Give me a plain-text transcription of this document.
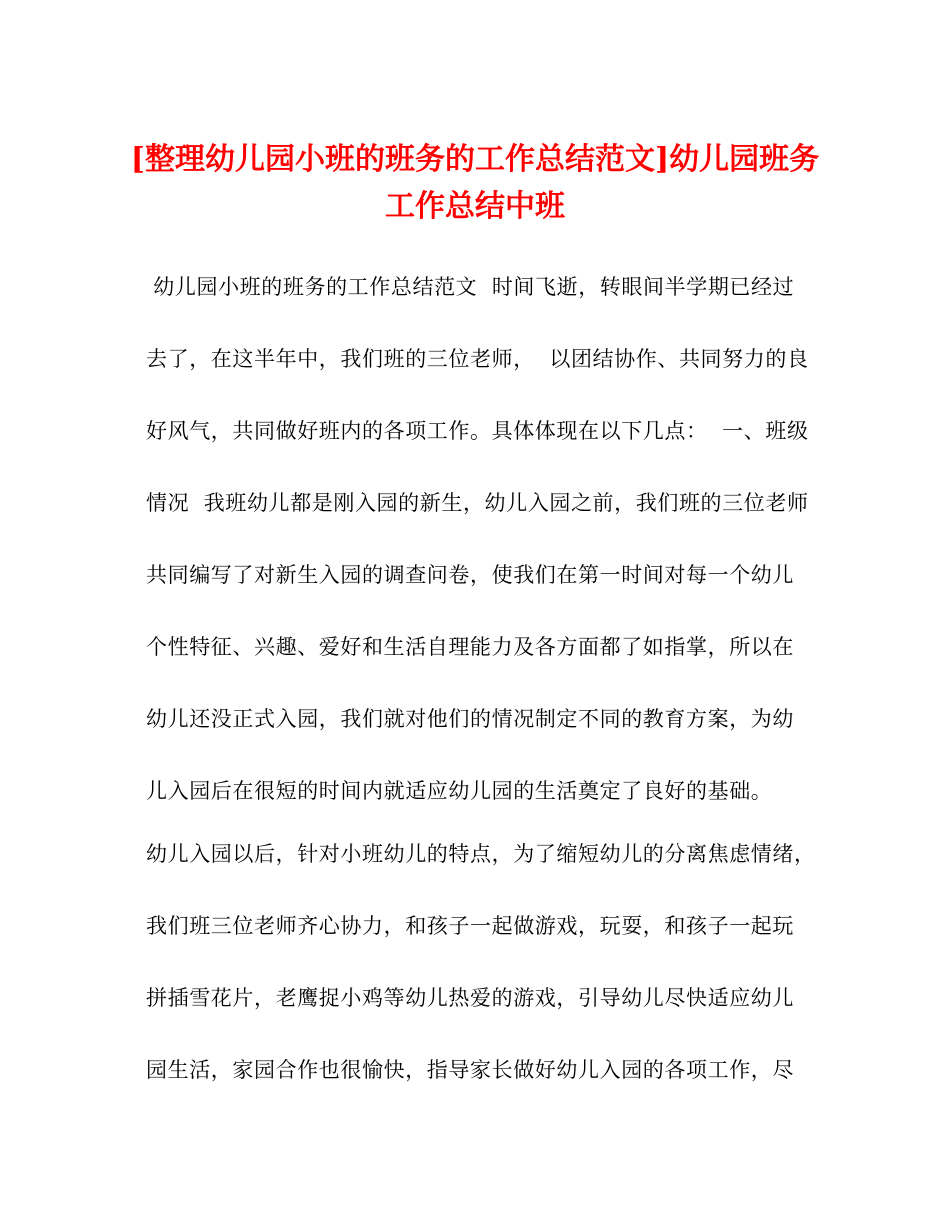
[整理幼儿园小班的班务的工作总结范文]幼儿园班务
工作总结中班
幼儿园小班的班务的工作总结范文  时间飞逝，转眼间半学期已经过
去了，在这半年中，我们班的三位老师，  以团结协作、共同努力的良
好风气，共同做好班内的各项工作。具体体现在以下几点：  一、班级
情况  我班幼儿都是刚入园的新生，幼儿入园之前，我们班的三位老师
共同编写了对新生入园的调查问卷，使我们在第一时间对每一个幼儿
个性特征、兴趣、爱好和生活自理能力及各方面都了如指掌，所以在
幼儿还没正式入园，我们就对他们的情况制定不同的教育方案，为幼
儿入园后在很短的时间内就适应幼儿园的生活奠定了良好的基础。
幼儿入园以后，针对小班幼儿的特点，为了缩短幼儿的分离焦虑情绪，
我们班三位老师齐心协力，和孩子一起做游戏，玩耍，和孩子一起玩
拼插雪花片，老鹰捉小鸡等幼儿热爱的游戏，引导幼儿尽快适应幼儿
园生活，家园合作也很愉快，指导家长做好幼儿入园的各项工作，尽
